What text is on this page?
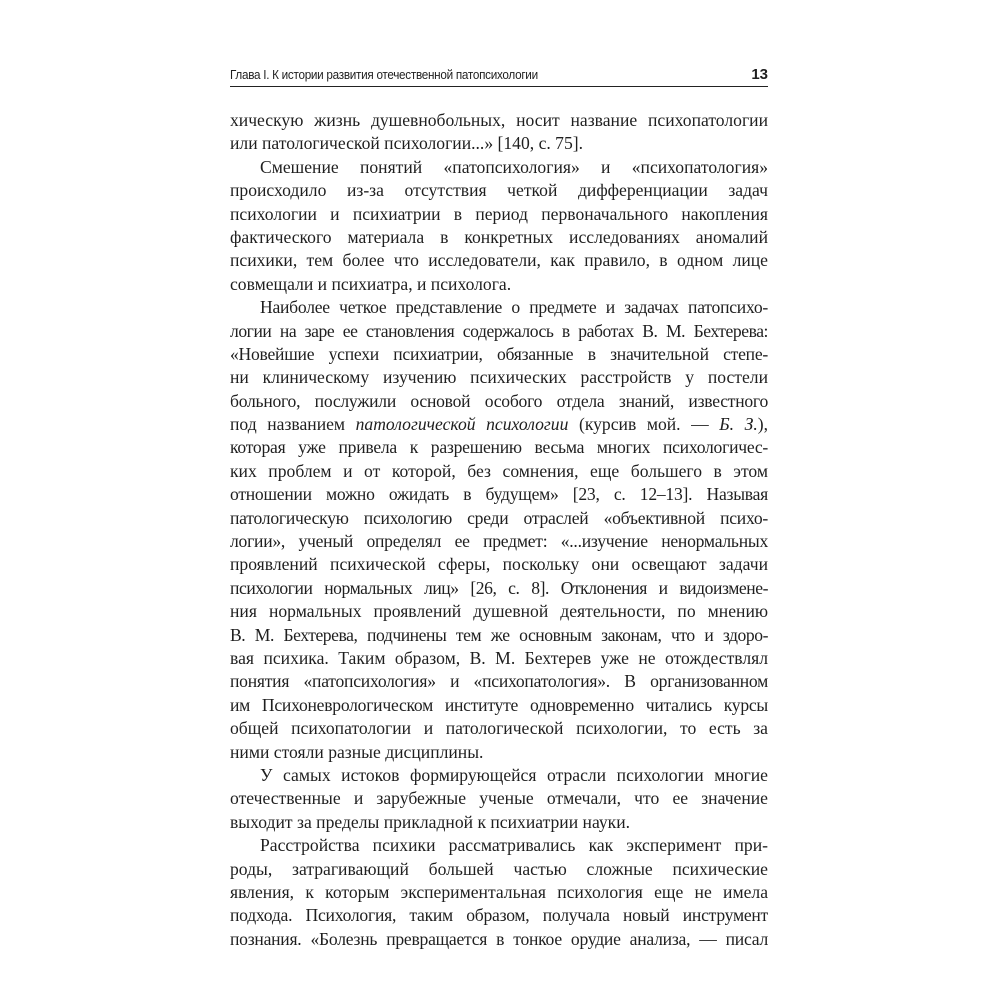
Глава I. К истории развития отечественной патопсихологии	13
хическую жизнь душевнобольных, носит название психопатологии
или патологической психологии...» [140, с. 75].
Смешение понятий «патопсихология» и «психопатология»
происходило из-за отсутствия четкой дифференциации задач
психологии и психиатрии в период первоначального накопления
фактического материала в конкретных исследованиях аномалий
психики, тем более что исследователи, как правило, в одном лице
совмещали и психиатра, и психолога.
Наиболее четкое представление о предмете и задачах патопсихо-
логии на заре ее становления содержалось в работах В. М. Бехтерева:
«Новейшие успехи психиатрии, обязанные в значительной степе-
ни клиническому изучению психических расстройств у постели
больного, послужили основой особого отдела знаний, известного
под названием патологической психологии (курсив мой. — Б. З.),
которая уже привела к разрешению весьма многих психологичес-
ких проблем и от которой, без сомнения, еще большего в этом
отношении можно ожидать в будущем» [23, с. 12–13]. Называя
патологическую психологию среди отраслей «объективной психо-
логии», ученый определял ее предмет: «...изучение ненормальных
проявлений психической сферы, поскольку они освещают задачи
психологии нормальных лиц» [26, с. 8]. Отклонения и видоизмене-
ния нормальных проявлений душевной деятельности, по мнению
В. М. Бехтерева, подчинены тем же основным законам, что и здоро-
вая психика. Таким образом, В. М. Бехтерев уже не отождествлял
понятия «патопсихология» и «психопатология». В организованном
им Психоневрологическом институте одновременно читались курсы
общей психопатологии и патологической психологии, то есть за
ними стояли разные дисциплины.
У самых истоков формирующейся отрасли психологии многие
отечественные и зарубежные ученые отмечали, что ее значение
выходит за пределы прикладной к психиатрии науки.
Расстройства психики рассматривались как эксперимент при-
роды, затрагивающий большей частью сложные психические
явления, к которым экспериментальная психология еще не имела
подхода. Психология, таким образом, получала новый инструмент
познания. «Болезнь превращается в тонкое орудие анализа, — писал
